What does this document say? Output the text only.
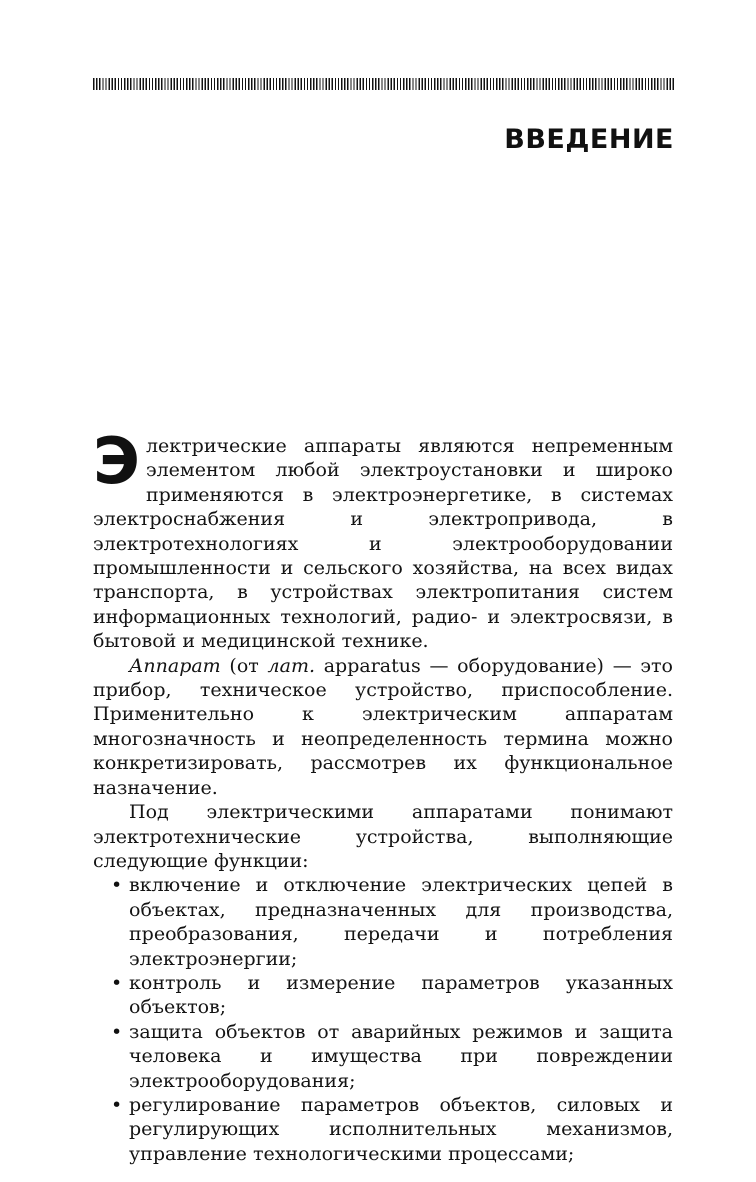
ВВЕДЕНИЕ

Электрические аппараты являются непременным элементом любой электроустановки и широко применяются в электроэнергетике, в системах электроснабжения и электропривода, в электротехнологиях и электрооборудовании промышленности и сельского хозяйства, на всех видах транспорта, в устройствах электропитания систем информационных технологий, радио- и электросвязи, в бытовой и медицинской технике.

Аппарат (от лат. apparatus — оборудование) — это прибор, техническое устройство, приспособление. Применительно к электрическим аппаратам многозначность и неопределенность термина можно конкретизировать, рассмотрев их функциональное назначение.

Под электрическими аппаратами понимают электротехнические устройства, выполняющие следующие функции:

• включение и отключение электрических цепей в объектах, предназначенных для производства, преобразования, передачи и потребления электроэнергии;
• контроль и измерение параметров указанных объектов;
• защита объектов от аварийных режимов и защита человека и имущества при повреждении электрооборудования;
• регулирование параметров объектов, силовых и регулирующих исполнительных механизмов, управление технологическими процессами;
